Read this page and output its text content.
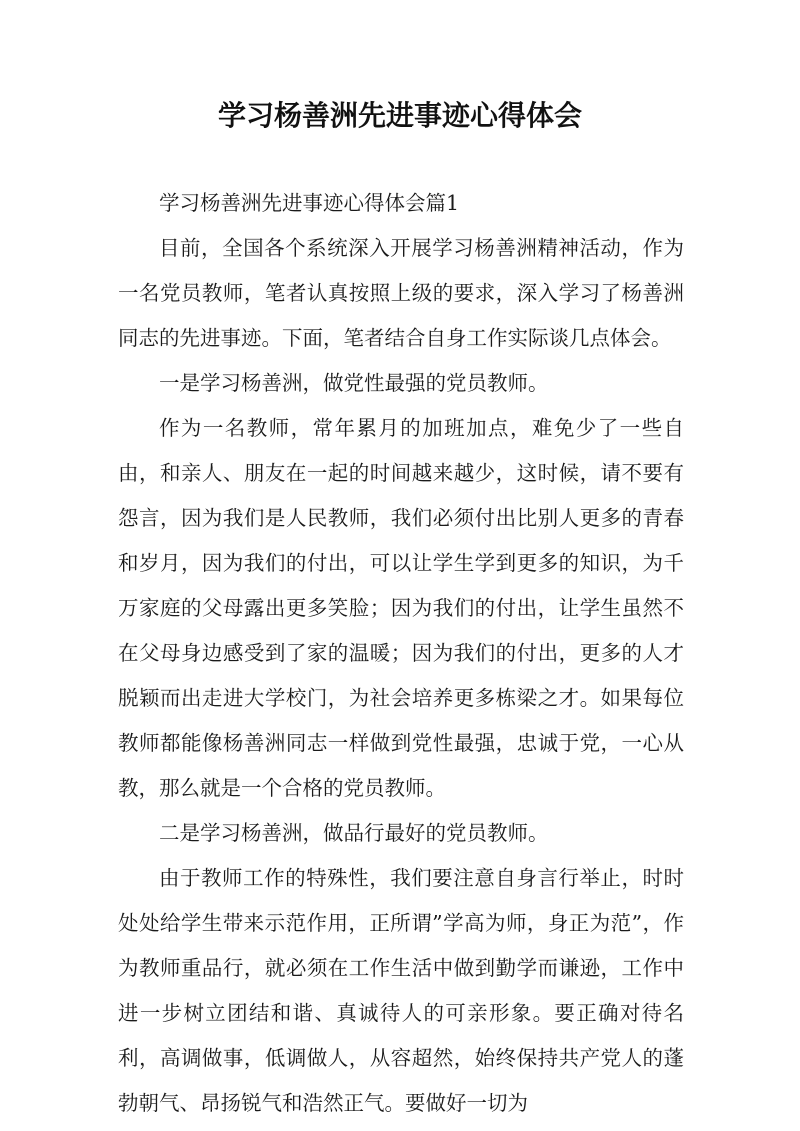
学习杨善洲先进事迹心得体会

学习杨善洲先进事迹心得体会篇1

目前，全国各个系统深入开展学习杨善洲精神活动，作为一名党员教师，笔者认真按照上级的要求，深入学习了杨善洲同志的先进事迹。下面，笔者结合自身工作实际谈几点体会。

一是学习杨善洲，做党性最强的党员教师。

作为一名教师，常年累月的加班加点，难免少了一些自由，和亲人、朋友在一起的时间越来越少，这时候，请不要有怨言，因为我们是人民教师，我们必须付出比别人更多的青春和岁月，因为我们的付出，可以让学生学到更多的知识，为千万家庭的父母露出更多笑脸；因为我们的付出，让学生虽然不在父母身边感受到了家的温暖；因为我们的付出，更多的人才脱颖而出走进大学校门，为社会培养更多栋梁之才。如果每位教师都能像杨善洲同志一样做到党性最强，忠诚于党，一心从教，那么就是一个合格的党员教师。

二是学习杨善洲，做品行最好的党员教师。

由于教师工作的特殊性，我们要注意自身言行举止，时时处处给学生带来示范作用，正所谓”学高为师，身正为范”，作为教师重品行，就必须在工作生活中做到勤学而谦逊，工作中进一步树立团结和谐、真诚待人的可亲形象。要正确对待名利，高调做事，低调做人，从容超然，始终保持共产党人的蓬勃朝气、昂扬锐气和浩然正气。要做好一切为
